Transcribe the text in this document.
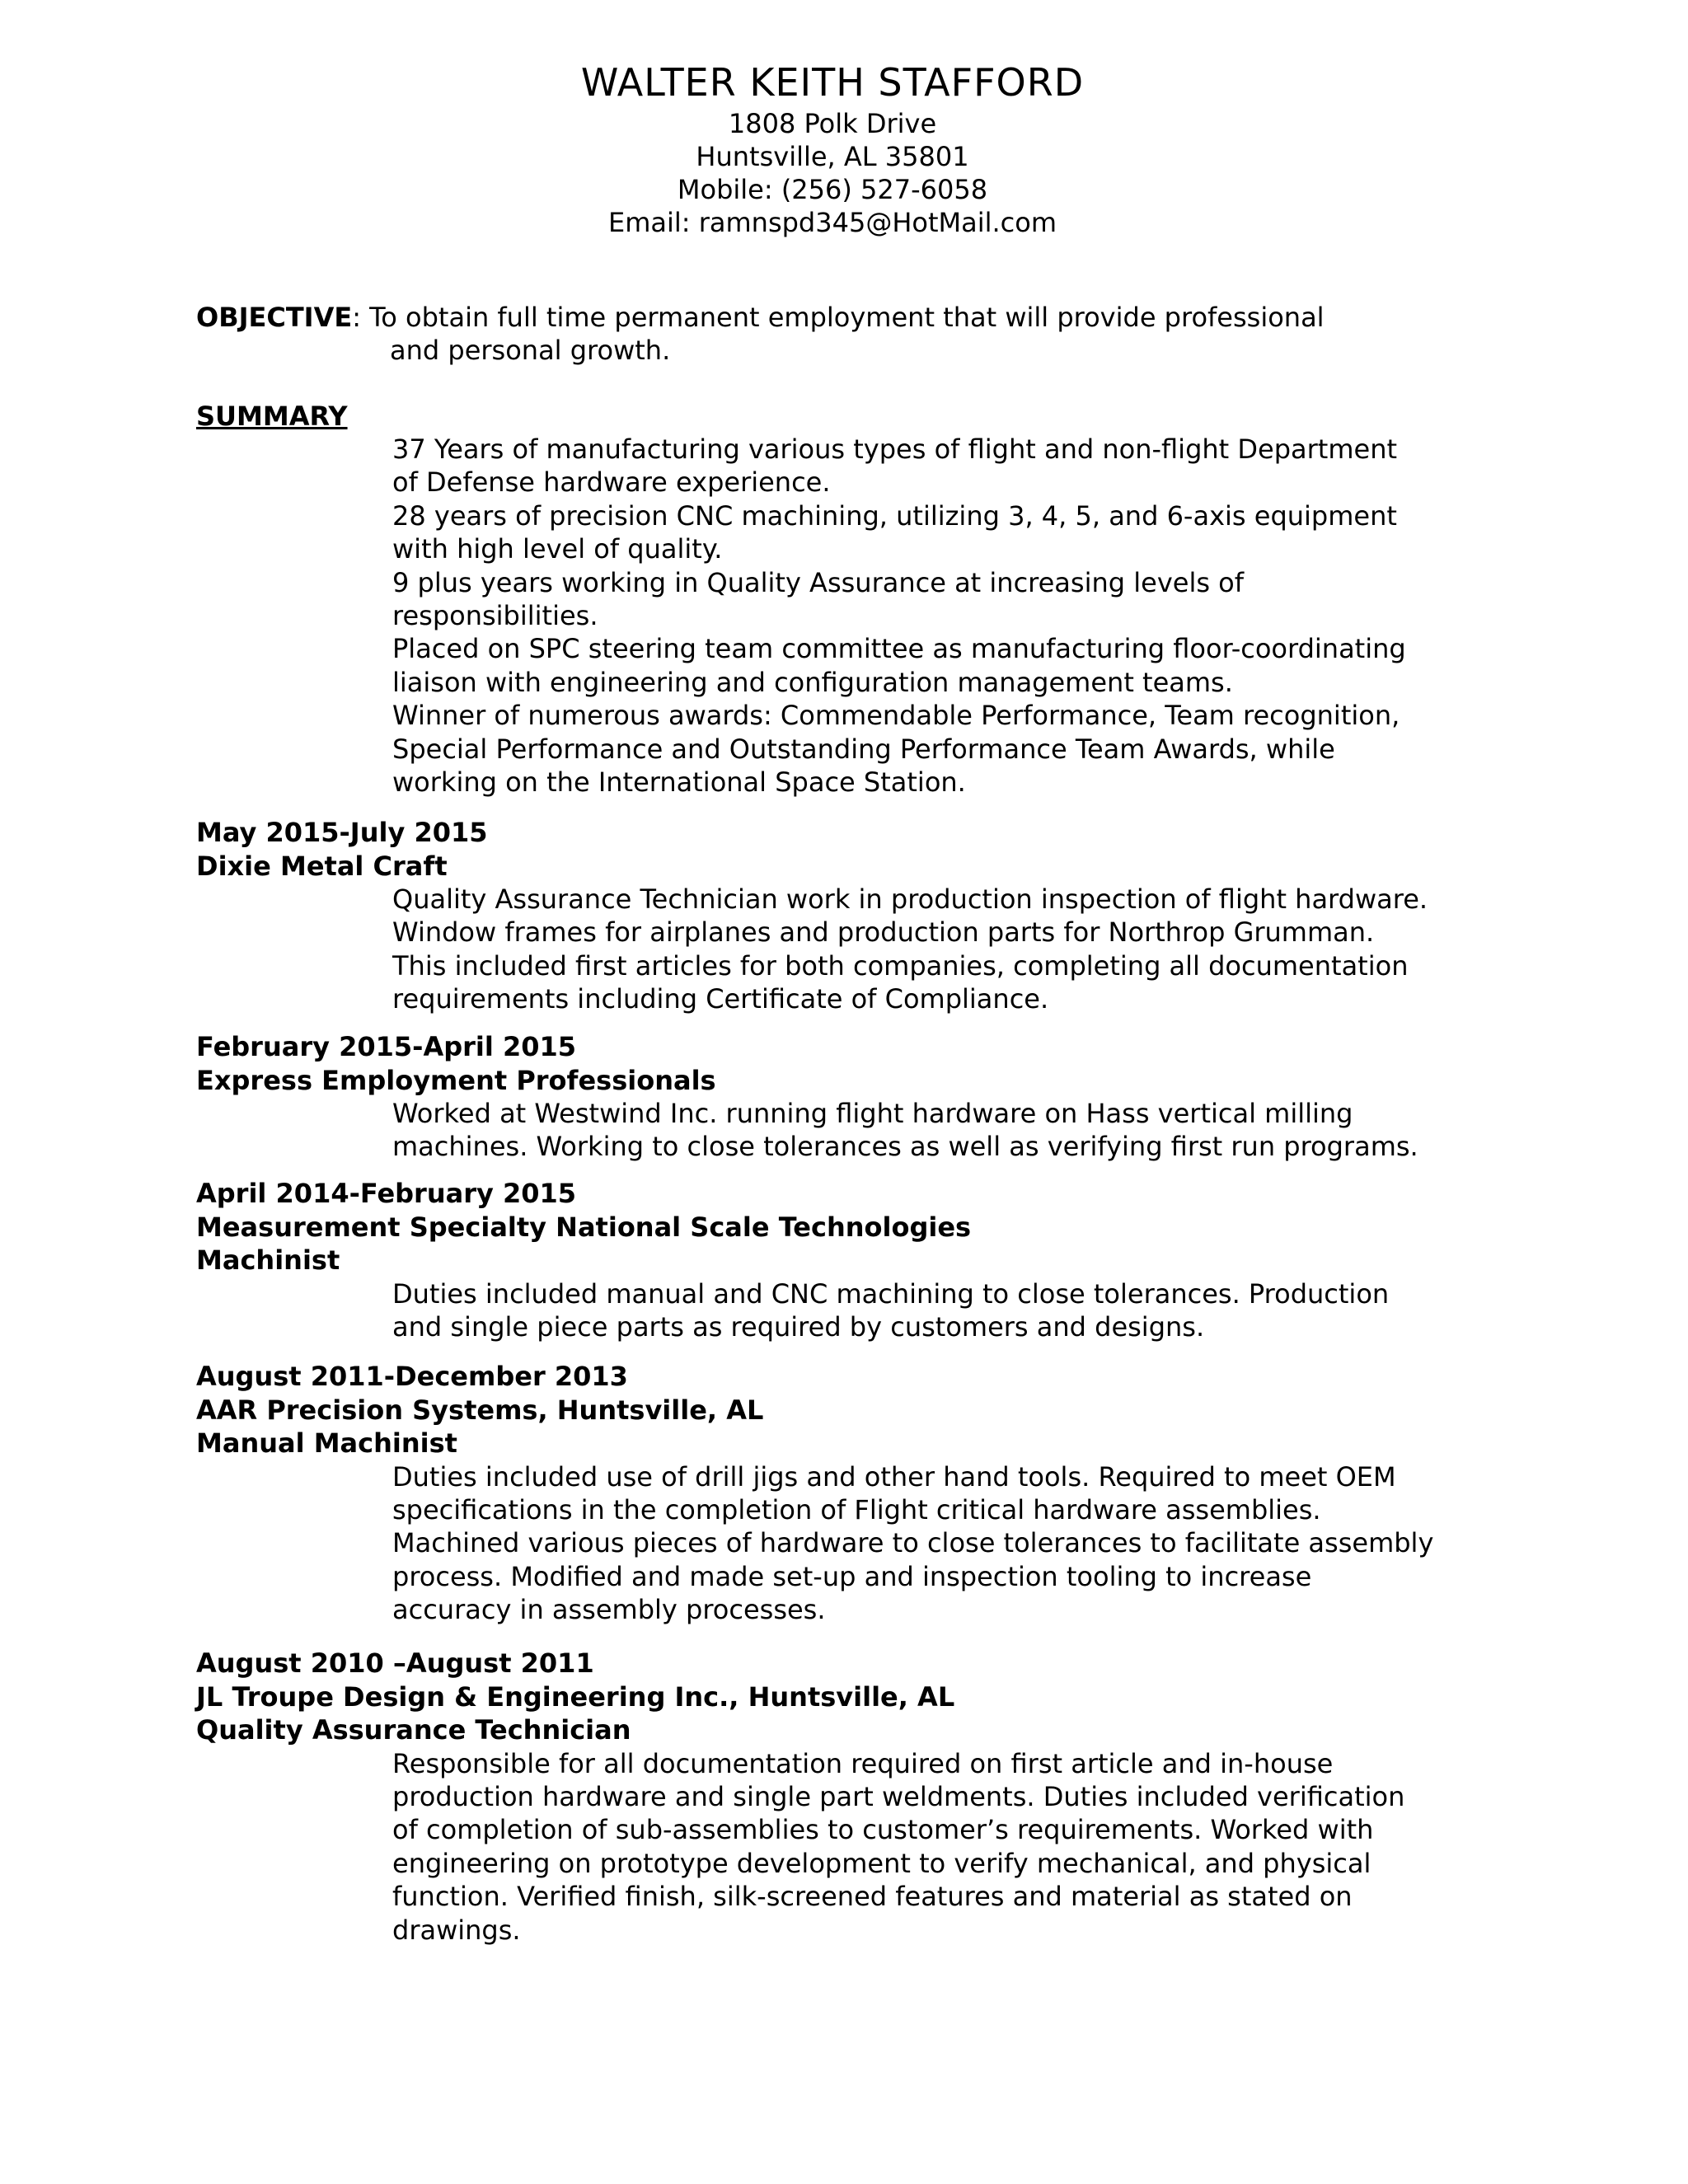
WALTER KEITH STAFFORD

1808 Polk Drive

Huntsville, AL 35801

Mobile: (256) 527-6058

Email: ramnspd345@HotMail.com

OBJECTIVE: To obtain full time permanent employment that will provide professional
and personal growth.

SUMMARY

37 Years of manufacturing various types of flight and non-flight Department
of Defense hardware experience.
28 years of precision CNC machining, utilizing 3, 4, 5, and 6-axis equipment
with high level of quality.
9 plus years working in Quality Assurance at increasing levels of
responsibilities.
Placed on SPC steering team committee as manufacturing floor-coordinating
liaison with engineering and configuration management teams.
Winner of numerous awards: Commendable Performance, Team recognition,
Special Performance and Outstanding Performance Team Awards, while
working on the International Space Station.

May 2015-July 2015

Dixie Metal Craft

Quality Assurance Technician work in production inspection of flight hardware.
Window frames for airplanes and production parts for Northrop Grumman.
This included first articles for both companies, completing all documentation
requirements including Certificate of Compliance.

February 2015-April 2015

Express Employment Professionals

Worked at Westwind Inc. running flight hardware on Hass vertical milling
machines. Working to close tolerances as well as verifying first run programs.

April 2014-February 2015

Measurement Specialty National Scale Technologies

Machinist

Duties included manual and CNC machining to close tolerances. Production
and single piece parts as required by customers and designs.

August 2011-December 2013

AAR Precision Systems, Huntsville, AL

Manual Machinist

Duties included use of drill jigs and other hand tools. Required to meet OEM
specifications in the completion of Flight critical hardware assemblies.
Machined various pieces of hardware to close tolerances to facilitate assembly
process. Modified and made set-up and inspection tooling to increase
accuracy in assembly processes.

August 2010 –August 2011

JL Troupe Design & Engineering Inc., Huntsville, AL

Quality Assurance Technician

Responsible for all documentation required on first article and in-house
production hardware and single part weldments. Duties included verification
of completion of sub-assemblies to customer’s requirements. Worked with
engineering on prototype development to verify mechanical, and physical
function. Verified finish, silk-screened features and material as stated on
drawings.
